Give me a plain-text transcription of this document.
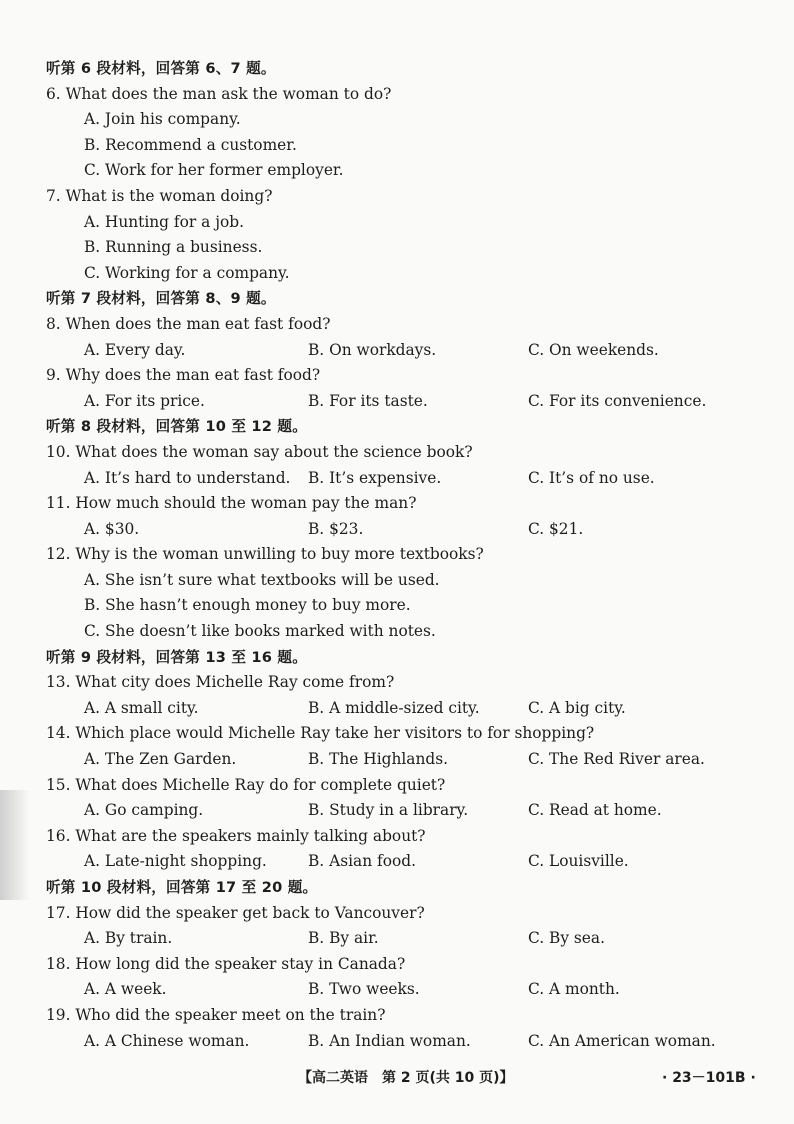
听第 6 段材料，回答第 6、7 题。
6. What does the man ask the woman to do?
A. Join his company.
B. Recommend a customer.
C. Work for her former employer.
7. What is the woman doing?
A. Hunting for a job.
B. Running a business.
C. Working for a company.
听第 7 段材料，回答第 8、9 题。
8. When does the man eat fast food?
A. Every day.	B. On workdays.	C. On weekends.
9. Why does the man eat fast food?
A. For its price.	B. For its taste.	C. For its convenience.
听第 8 段材料，回答第 10 至 12 题。
10. What does the woman say about the science book?
A. It’s hard to understand. B. It’s expensive.	C. It’s of no use.
11. How much should the woman pay the man?
A. $30.	B. $23.	C. $21.
12. Why is the woman unwilling to buy more textbooks?
A. She isn’t sure what textbooks will be used.
B. She hasn’t enough money to buy more.
C. She doesn’t like books marked with notes.
听第 9 段材料，回答第 13 至 16 题。
13. What city does Michelle Ray come from?
A. A small city.	B. A middle-sized city.	C. A big city.
14. Which place would Michelle Ray take her visitors to for shopping?
A. The Zen Garden.	B. The Highlands.	C. The Red River area.
15. What does Michelle Ray do for complete quiet?
A. Go camping.	B. Study in a library.	C. Read at home.
16. What are the speakers mainly talking about?
A. Late-night shopping.	B. Asian food.	C. Louisville.
听第 10 段材料，回答第 17 至 20 题。
17. How did the speaker get back to Vancouver?
A. By train.	B. By air.	C. By sea.
18. How long did the speaker stay in Canada?
A. A week.	B. Two weeks.	C. A month.
19. Who did the speaker meet on the train?
A. A Chinese woman.	B. An Indian woman.	C. An American woman.
【高二英语　第 2 页(共 10 页)】	· 23－101B ·
